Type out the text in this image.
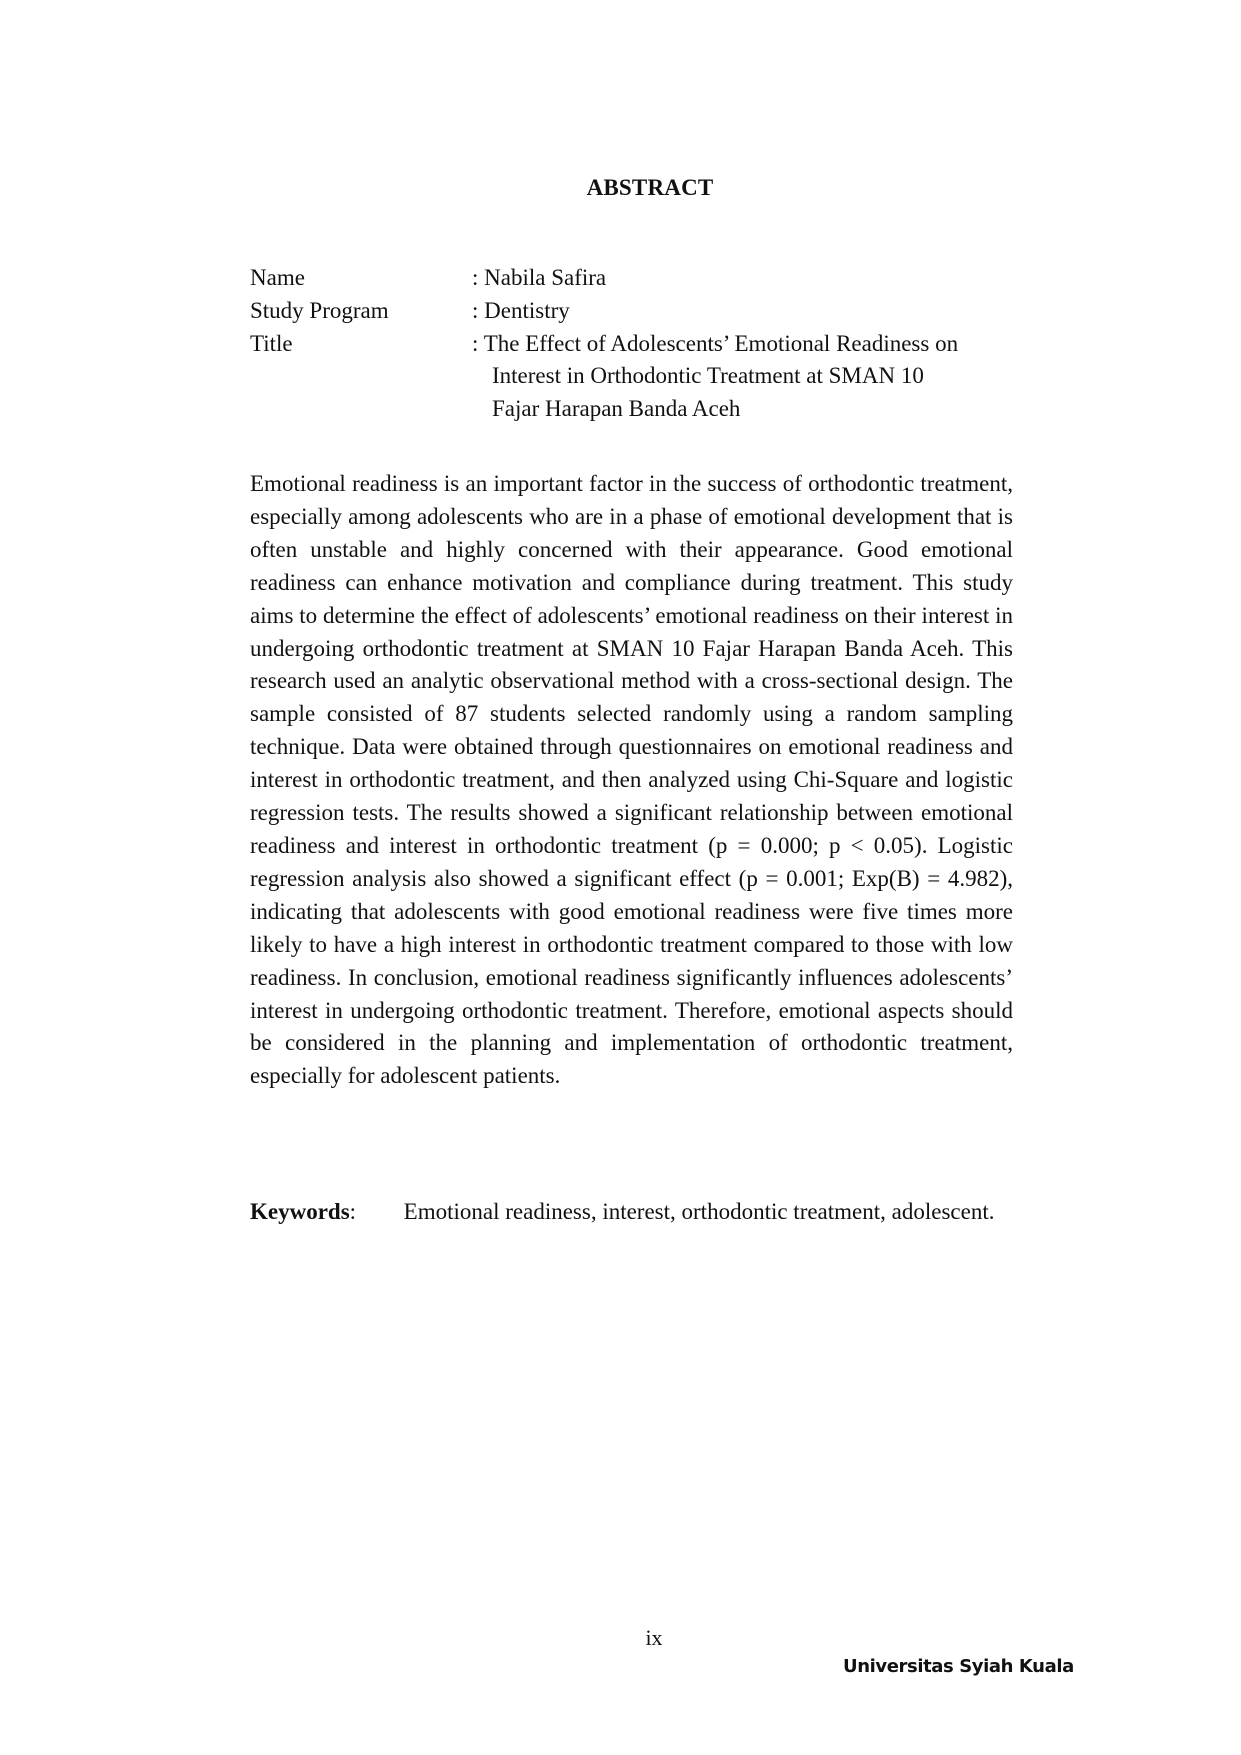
ABSTRACT
Name	: Nabila Safira
Study Program	: Dentistry
Title	: The Effect of Adolescents’ Emotional Readiness on
Interest in Orthodontic Treatment at SMAN 10
Fajar Harapan Banda Aceh

Emotional readiness is an important factor in the success of orthodontic treatment, especially among adolescents who are in a phase of emotional development that is often unstable and highly concerned with their appearance. Good emotional readiness can enhance motivation and compliance during treatment. This study aims to determine the effect of adolescents’ emotional readiness on their interest in undergoing orthodontic treatment at SMAN 10 Fajar Harapan Banda Aceh. This research used an analytic observational method with a cross-sectional design. The sample consisted of 87 students selected randomly using a random sampling technique. Data were obtained through questionnaires on emotional readiness and interest in orthodontic treatment, and then analyzed using Chi-Square and logistic regression tests. The results showed a significant relationship between emotional readiness and interest in orthodontic treatment (p = 0.000; p < 0.05). Logistic regression analysis also showed a significant effect (p = 0.001; Exp(B) = 4.982), indicating that adolescents with good emotional readiness were five times more likely to have a high interest in orthodontic treatment compared to those with low readiness. In conclusion, emotional readiness significantly influences adolescents’ interest in undergoing orthodontic treatment. Therefore, emotional aspects should be considered in the planning and implementation of orthodontic treatment, especially for adolescent patients.

Keywords: Emotional readiness, interest, orthodontic treatment, adolescent.

ix
Universitas Syiah Kuala
